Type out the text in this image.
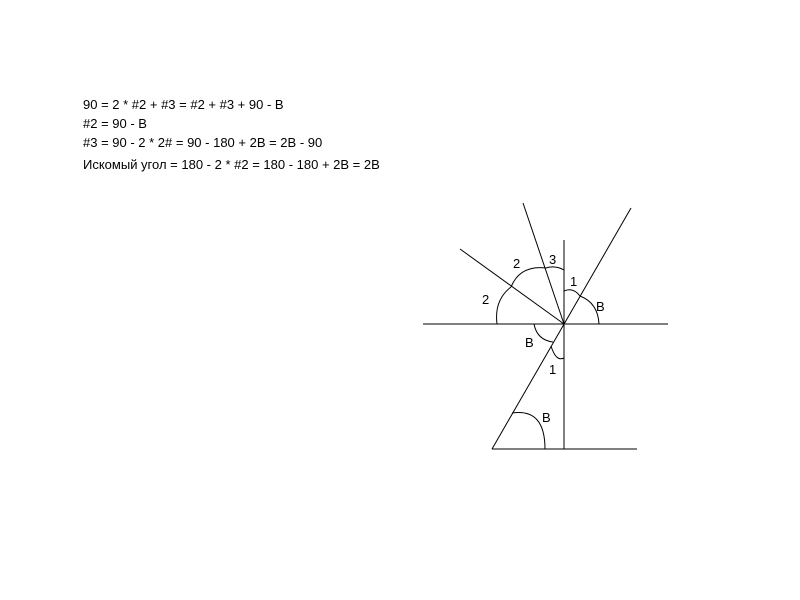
90 = 2 * #2 + #3 = #2 + #3 + 90 - B
#2 = 90 - B
#3 = 90 - 2 * 2# = 90 - 180 + 2B = 2B - 90
Искомый угол = 180 - 2 * #2 = 180 - 180 + 2B = 2B
2
2
3
1
B
B
1
B
